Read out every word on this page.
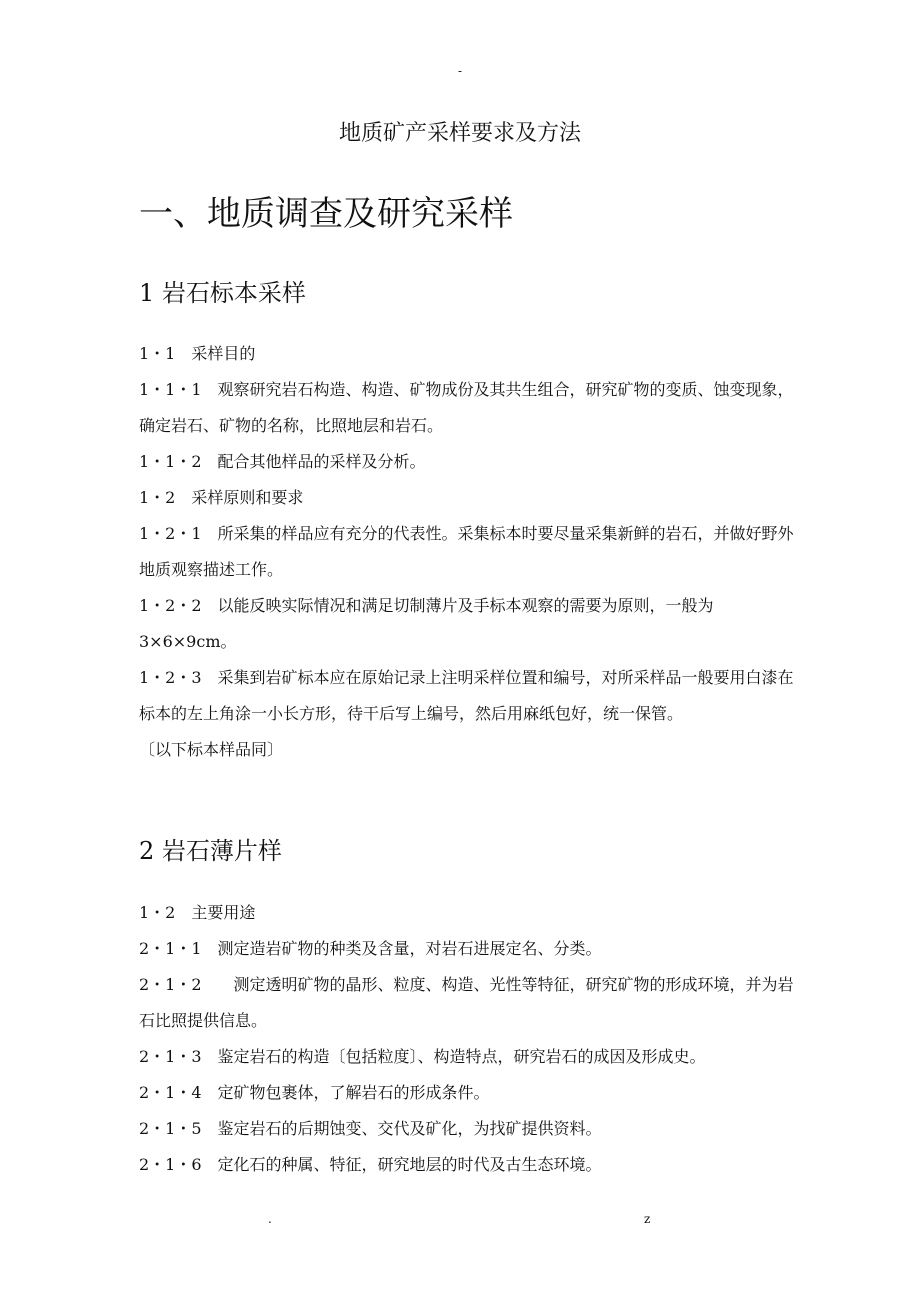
-
地质矿产采样要求及方法
一、地质调查及研究采样
1 岩石标本采样

1・1　采样目的

1・1・1　观察研究岩石构造、构造、矿物成份及其共生组合，研究矿物的变质、蚀变现象，确定岩石、矿物的名称，比照地层和岩石。

1・1・2　配合其他样品的采样及分析。

1・2　采样原则和要求

1・2・1　所采集的样品应有充分的代表性。采集标本时要尽量采集新鲜的岩石，并做好野外地质观察描述工作。

1・2・2　以能反映实际情况和满足切制薄片及手标本观察的需要为原则，一般为 3×6×9cm。

1・2・3　采集到岩矿标本应在原始记录上注明采样位置和编号，对所采样品一般要用白漆在标本的左上角涂一小长方形，待干后写上编号，然后用麻纸包好，统一保管。

〔以下标本样品同〕

2 岩石薄片样

1・2　主要用途

2・1・1　测定造岩矿物的种类及含量，对岩石进展定名、分类。

2・1・2　　测定透明矿物的晶形、粒度、构造、光性等特征，研究矿物的形成环境，并为岩石比照提供信息。

2・1・3　鉴定岩石的构造〔包括粒度〕、构造特点，研究岩石的成因及形成史。

2・1・4　定矿物包裹体，了解岩石的形成条件。

2・1・5　鉴定岩石的后期蚀变、交代及矿化，为找矿提供资料。

2・1・6　定化石的种属、特征，研究地层的时代及古生态环境。

.	z
